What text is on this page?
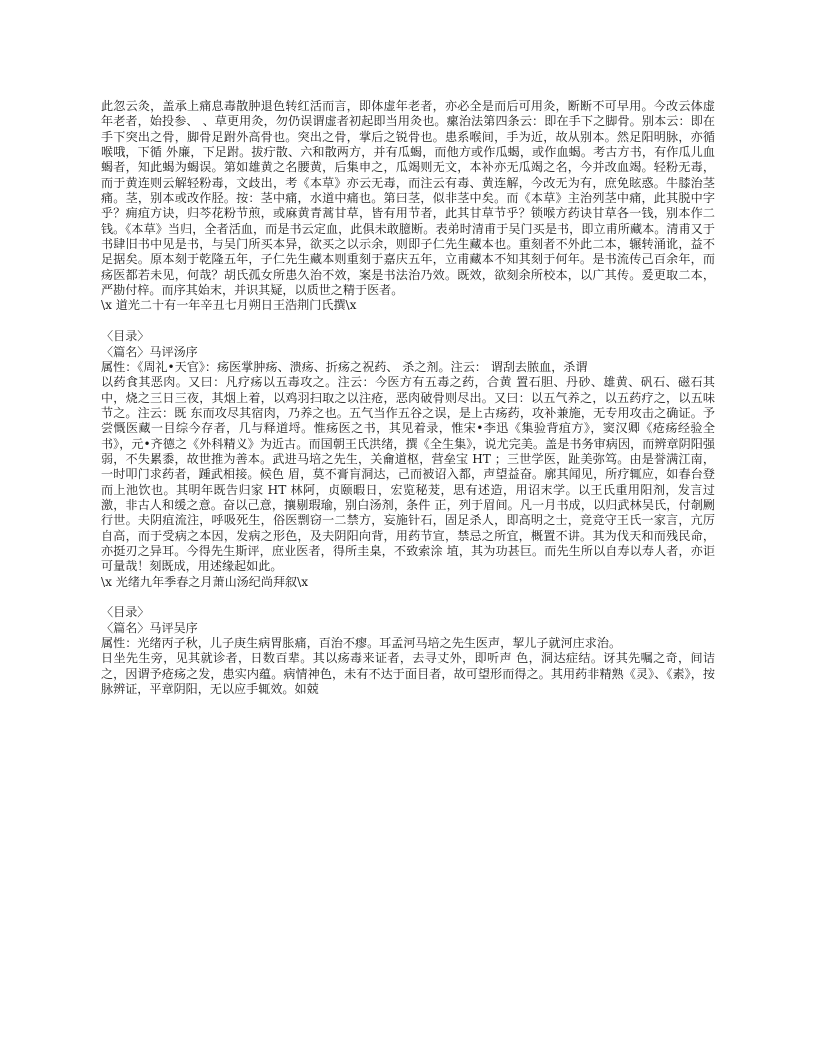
此忽云灸，盖承上痛息毒散肿退色转红活而言，即体虚年老者，亦必全是而后可用灸，断断不可早用。今改云体虚年老者，始投参、 、草更用灸，勿仍误谓虚者初起即当用灸也。瘰治法第四条云：即在手下之脚骨。别本云：即在手下突出之骨，脚骨足跗外高骨也。突出之骨，掌后之锐骨也。患系喉间，手为近，故从别本。然足阳明脉，亦循喉哦，下循 外廉，下足跗。拔疔散、六和散两方，并有瓜蝎，而他方或作瓜蝎，或作血蝎。考古方书，有作瓜儿血蝎者，知此蝎为蝎误。第如雄黄之名腰黄，后集申之，瓜竭则无文，本补亦无瓜竭之名，今并改血竭。轻粉无毒，而于黄连则云解轻粉毒，文歧出，考《本草》亦云无毒，而注云有毒、黄连解，今改无为有，庶免眩惑。牛膝治茎痛。茎，别本或改作胫。按：茎中痛，水道中痛也。第曰茎，似非茎中矣。而《本草》主治列茎中痛，此其脱中字乎？痈疽方诀，归芩花粉节煎，或麻黄青蒿甘草，皆有用节者，此其甘草节乎？锁喉方药诀甘草各一钱，别本作二钱。《本草》当归，全者活血，而是书云定血，此俱未敢臆断。表弟时清甫于吴门买是书，即立甫所藏本。清甫又于书肆旧书中见是书，与吴门所买本异，欲买之以示余，则即子仁先生藏本也。重刻者不外此二本，辗转涌讹，益不足据矣。原本刻于乾隆五年，子仁先生藏本则重刻于嘉庆五年，立甫藏本不知其刻于何年。是书流传己百余年，而疡医都若未见，何哉？胡氏孤女所患久治不效，案是书法治乃效。既效，欲刻余所校本，以广其传。爰更取二本，严勘付梓。而序其始末，并识其疑，以质世之精于医者。

\x 道光二十有一年辛丑七月朔日王浩荆门氏撰\x

〈目录〉

〈篇名〉马评汤序

属性：《周礼•天官》：疡医掌肿疡、溃疡、折疡之祝药、 杀之剂。注云： 谓刮去脓血，杀谓

以药食其恶肉。又曰：凡疗疡以五毒攻之。注云：今医方有五毒之药，合黄 置石胆、丹砂、雄黄、矾石、磁石其中，烧之三日三夜，其烟上着，以鸡羽扫取之以注疮，恶肉破骨则尽出。又曰：以五气养之，以五药疗之，以五味节之。注云：既 东而攻尽其宿肉，乃养之也。五气当作五谷之误，是上古疡药，攻补兼施，无专用攻击之确证。予尝慨医藏一目综今存者，几与释道埒。惟疡医之书，其见着录，惟宋•李迅《集验背疽方》，窦汉卿《疮疡经验全书》，元•齐德之《外科精义》为近古。而国朝王氏洪绪，撰《全生集》，说尤完美。盖是书务审病因，而辨章阴阳强弱，不失累黍，故世推为善本。武进马培之先生，关龠道枢，营垒宝 HT ；三世学医，趾美弥笃。由是誉满江南，一时叩门求药者，踵武相接。候色 眉，莫不膏肓洞达，己而被诏入都，声望益奋。廓其闻见，所疗辄应，如春台登而上池饮也。其明年既告归家 HT 林阿，贞颐暇日，宏览秘茇，思有述造，用诏末学。以王氏重用阳剂，发言过激，非古人和缓之意。奋以己意，攘剔瑕瑜，别白汤剂，条件 正，列于眉间。凡一月书成，以归武林吴氏，付剞劂行世。夫阴疽流注，呼吸死生，俗医剽窃一二禁方，妄施针石，固足杀人，即高明之士，竞竞守王氏一家言，亢厉自高，而于受病之本因，发病之形色，及夫阴阳向背，用药节宣，禁忌之所宜，概置不讲。其为伐天和而残民命，亦挺刃之异耳。今得先生斯评，庶业医者，得所圭臬，不致索涂 埴，其为功甚巨。而先生所以自寿以寿人者，亦讵可量哉！刻既成，用述缘起如此。

\x 光绪九年季春之月萧山汤纪尚拜叙\x

〈目录〉

〈篇名〉马评吴序

属性：光绪丙子秋，儿子庚生病胃胀痛，百治不瘳。耳孟河马培之先生医声，挈儿子就河庄求治。

日坐先生旁，见其就诊者，日数百辈。其以疡毒来证者，去寻丈外，即听声 色，洞达症结。讶其先嘱之奇，间诘之，因谓予疮疡之发，患实内蕴。病情神色，未有不达于面目者，故可望形而得之。其用药非精熟《灵》、《素》，按脉辨证，平章阴阳，无以应手辄效。如兢
